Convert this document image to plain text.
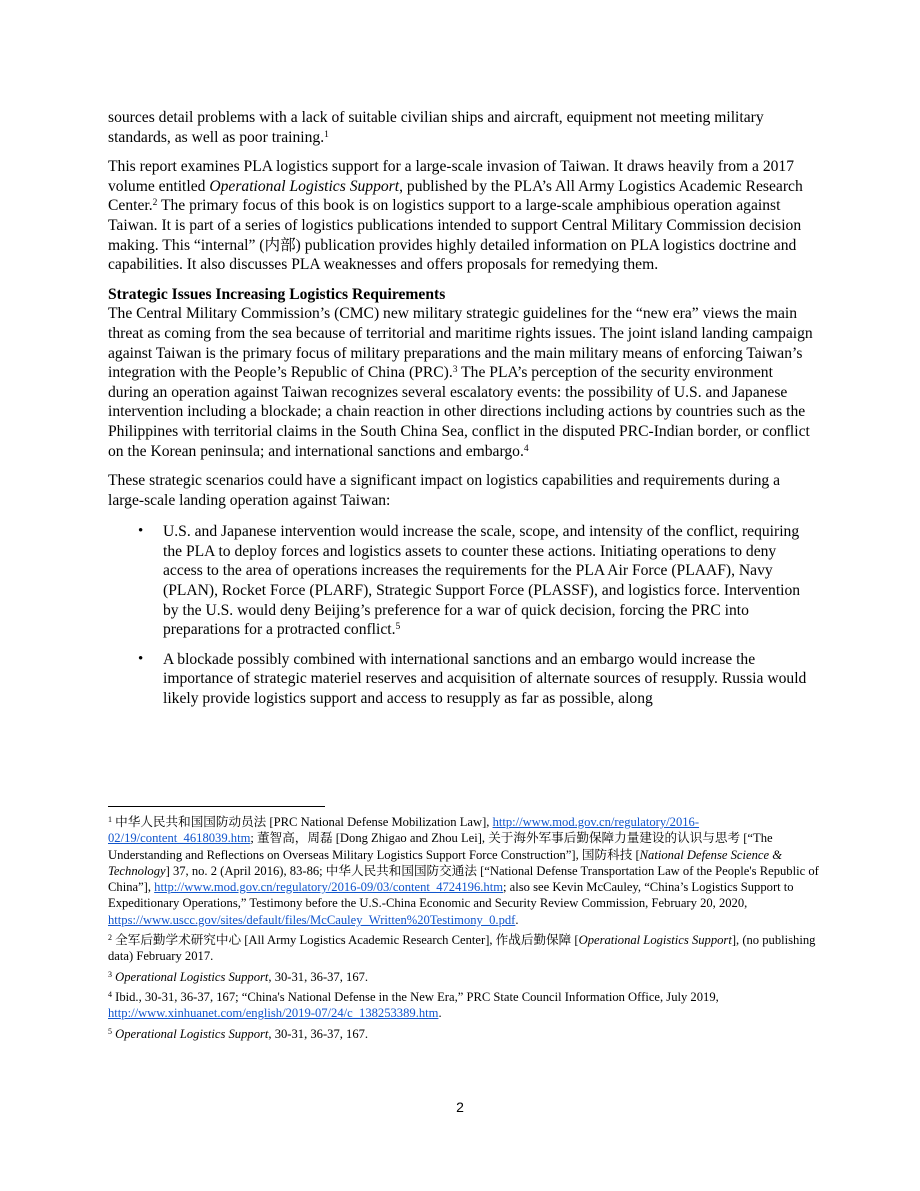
sources detail problems with a lack of suitable civilian ships and aircraft, equipment not meeting military standards, as well as poor training.$^1$

This report examines PLA logistics support for a large-scale invasion of Taiwan. It draws heavily from a 2017 volume entitled Operational Logistics Support, published by the PLA’s All Army Logistics Academic Research Center.$^2$ The primary focus of this book is on logistics support to a large-scale amphibious operation against Taiwan. It is part of a series of logistics publications intended to support Central Military Commission decision making. This “internal” (内部) publication provides highly detailed information on PLA logistics doctrine and capabilities. It also discusses PLA weaknesses and offers proposals for remedying them.

Strategic Issues Increasing Logistics Requirements

The Central Military Commission’s (CMC) new military strategic guidelines for the “new era” views the main threat as coming from the sea because of territorial and maritime rights issues. The joint island landing campaign against Taiwan is the primary focus of military preparations and the main military means of enforcing Taiwan’s integration with the People’s Republic of China (PRC).$^3$ The PLA’s perception of the security environment during an operation against Taiwan recognizes several escalatory events: the possibility of U.S. and Japanese intervention including a blockade; a chain reaction in other directions including actions by countries such as the Philippines with territorial claims in the South China Sea, conflict in the disputed PRC-Indian border, or conflict on the Korean peninsula; and international sanctions and embargo.$^4$

These strategic scenarios could have a significant impact on logistics capabilities and requirements during a large-scale landing operation against Taiwan:

• U.S. and Japanese intervention would increase the scale, scope, and intensity of the conflict, requiring the PLA to deploy forces and logistics assets to counter these actions. Initiating operations to deny access to the area of operations increases the requirements for the PLA Air Force (PLAAF), Navy (PLAN), Rocket Force (PLARF), Strategic Support Force (PLASSF), and logistics force. Intervention by the U.S. would deny Beijing’s preference for a war of quick decision, forcing the PRC into preparations for a protracted conflict.$^5$
• A blockade possibly combined with international sanctions and an embargo would increase the importance of strategic materiel reserves and acquisition of alternate sources of resupply. Russia would likely provide logistics support and access to resupply as far as possible, along
$^1$ 中华人民共和国国防动员法 [PRC National Defense Mobilization Law], http://www.mod.gov.cn/regulatory/2016-02/19/content_4618039.htm; 董智高，周磊 [Dong Zhigao and Zhou Lei], 关于海外军事后勤保障力量建设的认识与思考 [“The Understanding and Reflections on Overseas Military Logistics Support Force Construction”], 国防科技 [National Defense Science & Technology] 37, no. 2 (April 2016), 83-86; 中华人民共和国国防交通法 [“National Defense Transportation Law of the People's Republic of China”], http://www.mod.gov.cn/regulatory/2016-09/03/content_4724196.htm; also see Kevin McCauley, “China’s Logistics Support to Expeditionary Operations,” Testimony before the U.S.-China Economic and Security Review Commission, February 20, 2020, https://www.uscc.gov/sites/default/files/McCauley_Written%20Testimony_0.pdf.
$^2$ 全军后勤学术研究中心 [All Army Logistics Academic Research Center], 作战后勤保障 [Operational Logistics Support], (no publishing data) February 2017.
$^3$ Operational Logistics Support, 30-31, 36-37, 167.
$^4$ Ibid., 30-31, 36-37, 167; “China's National Defense in the New Era,” PRC State Council Information Office, July 2019, http://www.xinhuanet.com/english/2019-07/24/c_138253389.htm.
$^5$ Operational Logistics Support, 30-31, 36-37, 167.
2
